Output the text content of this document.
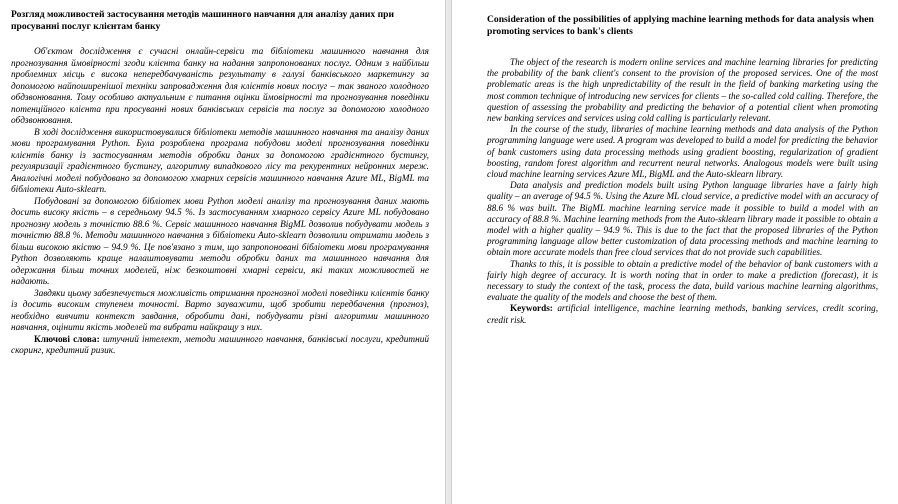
Розгляд можливостей застосування методів машинного навчання для аналізу даних при просуванні послуг клієнтам банку

Об'єктом дослідження є сучасні онлайн-сервіси та бібліотеки машинного навчання для прогнозування ймовірності згоди клієнта банку на надання запропонованих послуг. Одним з найбільш проблемних місць є висока непередбачуваність результату в галузі банківського маркетингу за допомогою найпоширенішої техніки запровадження для клієнтів нових послуг – так званого холодного обдзвонювання. Тому особливо актуальним є питання оцінки ймовірності та прогнозування поведінки потенційного клієнта при просуванні нових банківських сервісів та послуг за допомогою холодного обдзвонювання.

В ході дослідження використовувалися бібліотеки методів машинного навчання та аналізу даних мови програмування Python. Була розроблена програма побудови моделі прогнозування поведінки клієнтів банку із застосуванням методів обробки даних за допомогою градієнтного бустингу, регуляризації градієнтного бустингу, алгоритму випадкового лісу та рекурентних нейронних мереж. Аналогічні моделі побудовано за допомогою хмарних сервісів машинного навчання Azure ML, BigML та бібліотеки Auto-sklearn.

Побудовані за допомогою бібліотек мови Python моделі аналізу та прогнозування даних мають досить високу якість – в середньому 94.5 %. Із застосуванням хмарного сервісу Azure ML побудовано прогнозну модель з точністю 88.6 %. Сервіс машинного навчання BigML дозволив побудувати модель з точністю 88.8 %. Методи машинного навчання з бібліотеки Auto-sklearn дозволили отримати модель з більш високою якістю – 94.9 %. Це пов'язано з тим, що запропоновані бібліотеки мови програмування Python дозволяють краще налаштовувати методи обробки даних та машинного навчання для одержання більш точних моделей, ніж безкоштовні хмарні сервіси, які таких можливостей не надають.

Завдяки цьому забезпечується можливість отримання прогнозної моделі поведінки клієнтів банку із досить високим ступенем точності. Варто зауважити, щоб зробити передбачення (прогноз), необхідно вивчити контекст завдання, обробити дані, побудувати різні алгоритми машинного навчання, оцінити якість моделей та вибрати найкращу з них.

Ключові слова: штучний інтелект, методи машинного навчання, банківські послуги, кредитний скоринг, кредитний ризик.

Consideration of the possibilities of applying machine learning methods for data analysis when promoting services to bank's clients

The object of the research is modern online services and machine learning libraries for predicting the probability of the bank client's consent to the provision of the proposed services. One of the most problematic areas is the high unpredictability of the result in the field of banking marketing using the most common technique of introducing new services for clients – the so-called cold calling. Therefore, the question of assessing the probability and predicting the behavior of a potential client when promoting new banking services and services using cold calling is particularly relevant.

In the course of the study, libraries of machine learning methods and data analysis of the Python programming language were used. A program was developed to build a model for predicting the behavior of bank customers using data processing methods using gradient boosting, regularization of gradient boosting, random forest algorithm and recurrent neural networks. Analogous models were built using cloud machine learning services Azure ML, BigML and the Auto-sklearn library.

Data analysis and prediction models built using Python language libraries have a fairly high quality – an average of 94.5 %. Using the Azure ML cloud service, a predictive model with an accuracy of 88.6 % was built. The BigML machine learning service made it possible to build a model with an accuracy of 88.8 %. Machine learning methods from the Auto-sklearn library made it possible to obtain a model with a higher quality – 94.9 %. This is due to the fact that the proposed libraries of the Python programming language allow better customization of data processing methods and machine learning to obtain more accurate models than free cloud services that do not provide such capabilities.

Thanks to this, it is possible to obtain a predictive model of the behavior of bank customers with a fairly high degree of accuracy. It is worth noting that in order to make a prediction (forecast), it is necessary to study the context of the task, process the data, build various machine learning algorithms, evaluate the quality of the models and choose the best of them.

Keywords: artificial intelligence, machine learning methods, banking services, credit scoring, credit risk.
